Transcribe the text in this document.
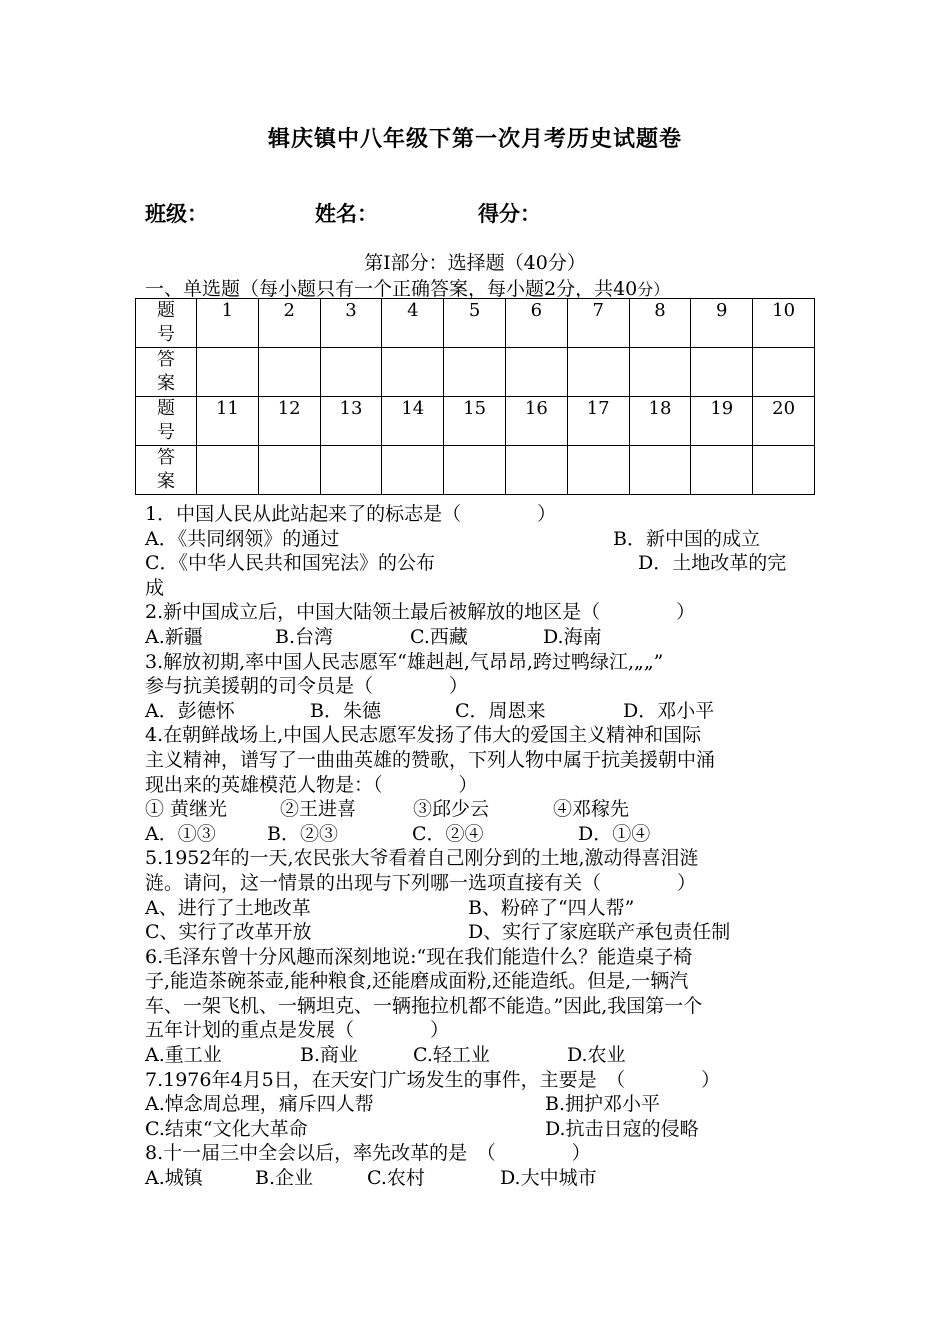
辑庆镇中八年级下第一次月考历史试题卷
班级：	姓名：	得分：
第Ⅰ部分：选择题（40分）
一、单选题（每小题只有一个正确答案，每小题2分，共40分）
题
号	1	2	3	4	5	6	7	8	9	10
答
案										
题
号	11	12	13	14	15	16	17	18	19	20
答
案										
1．中国人民从此站起来了的标志是（　　　　）
A．《共同纲领》的通过	B．新中国的成立
C．《中华人民共和国宪法》的公布	D．土地改革的完
成
2.新中国成立后，中国大陆领土最后被解放的地区是（　　　　）
A.新疆	B.台湾	C.西藏	D.海南
3.解放初期,率中国人民志愿军“雄赳赳,气昂昂,跨过鸭绿江,„„”
参与抗美援朝的司令员是（　　　　）
A．彭德怀	B．朱德	C．周恩来	D．邓小平
4.在朝鲜战场上,中国人民志愿军发扬了伟大的爱国主义精神和国际
主义精神，谱写了一曲曲英雄的赞歌，下列人物中属于抗美援朝中涌
现出来的英雄模范人物是：（　　　　）
① 黄继光	②王进喜	③邱少云	④邓稼先
A．①③	B．②③	C．②④	D．①④
5.1952年的一天,农民张大爷看着自己刚分到的土地,激动得喜泪涟
涟。请问，这一情景的出现与下列哪一选项直接有关（　　　　）
A、进行了土地改革	B、粉碎了“四人帮”
C、实行了改革开放	D、实行了家庭联产承包责任制
6.毛泽东曾十分风趣而深刻地说:“现在我们能造什么？能造桌子椅
子,能造茶碗茶壶,能种粮食,还能磨成面粉,还能造纸。但是,一辆汽
车、一架飞机、一辆坦克、一辆拖拉机都不能造。”因此,我国第一个
五年计划的重点是发展（　　　　）
A.重工业	B.商业	C.轻工业	D.农业
7.1976年4月5日，在天安门广场发生的事件，主要是　（　　　　）
A.悼念周总理，痛斥四人帮	B.拥护邓小平
C.结束“文化大革命	D.抗击日寇的侵略
8.十一届三中全会以后，率先改革的是　（　　　　）
A.城镇	B.企业	C.农村	D.大中城市
